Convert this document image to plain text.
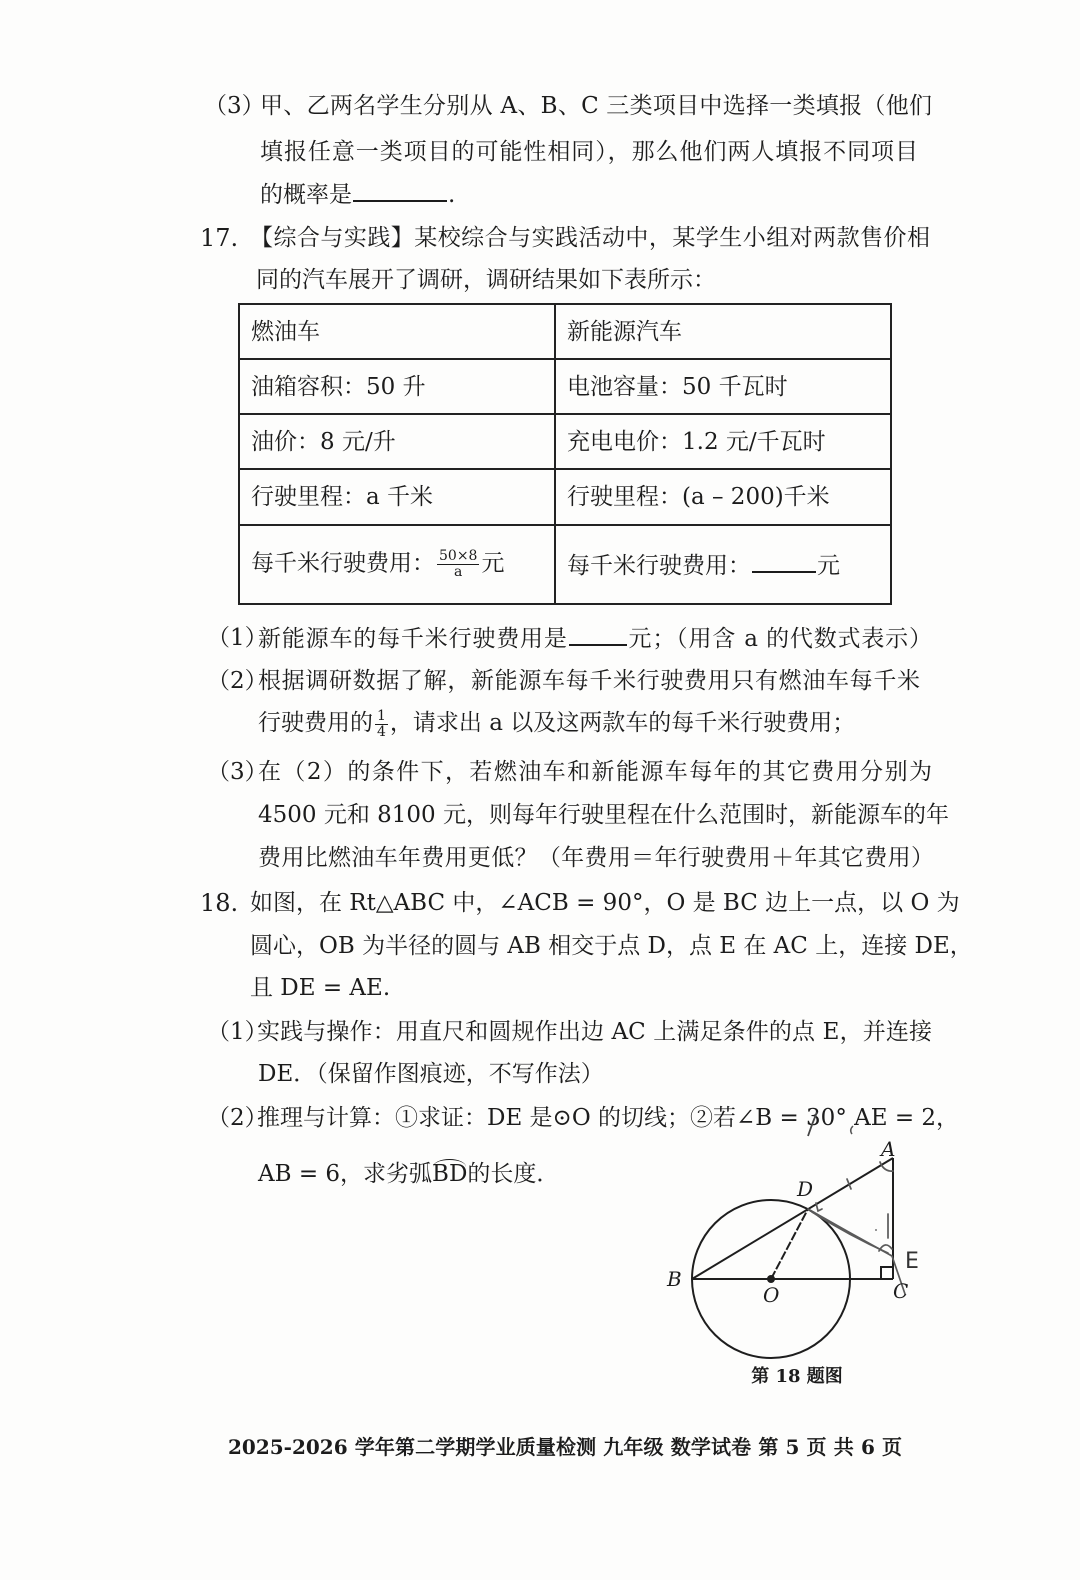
（3）
甲、乙两名学生分别从 A、B、C 三类项目中选择一类填报（他们
填报任意一类项目的可能性相同），那么他们两人填报不同项目
的概率是	.
17. 【综合与实践】某校综合与实践活动中，某学生小组对两款售价相
同的汽车展开了调研，调研结果如下表所示：
燃油车	新能源汽车
油箱容积：50 升	电池容量：50 千瓦时
油价：8 元/升	充电电价：1.2 元/千瓦时
行驶里程：a 千米	行驶里程：(a – 200)千米
每千米行驶费用： $\frac{50\times 8}{a}$ 元	每千米行驶费用： 元
（1）
新能源车的每千米行驶费用是	元；（用含 a 的代数式表示）
（2）
根据调研数据了解，新能源车每千米行驶费用只有燃油车每千米
行驶费用的 $\frac{1}{4}$ ，请求出 a 以及这两款车的每千米行驶费用；
（3）
在（2）的条件下，若燃油车和新能源车每年的其它费用分别为
4500 元和 8100 元，则每年行驶里程在什么范围时，新能源车的年
费用比燃油车年费用更低？（年费用＝年行驶费用＋年其它费用）
18. 如图，在 Rt△ABC 中，∠ACB = 90°，O 是 BC 边上一点，以 O 为
圆心，OB 为半径的圆与 AB 相交于点 D，点 E 在 AC 上，连接 DE，
且 DE = AE.
（1）
实践与操作：用直尺和圆规作出边 AC 上满足条件的点 E，并连接
DE．（保留作图痕迹，不写作法）
（2）
推理与计算：①求证：DE 是⊙O 的切线；②若∠B = 30° AE = 2，
AB = 6，求劣弧BD的长度．
A
D
B
O	C
E
第 18 题图
2025-2026 学年第二学期学业质量检测 九年级 数学试卷 第 5 页 共 6 页
